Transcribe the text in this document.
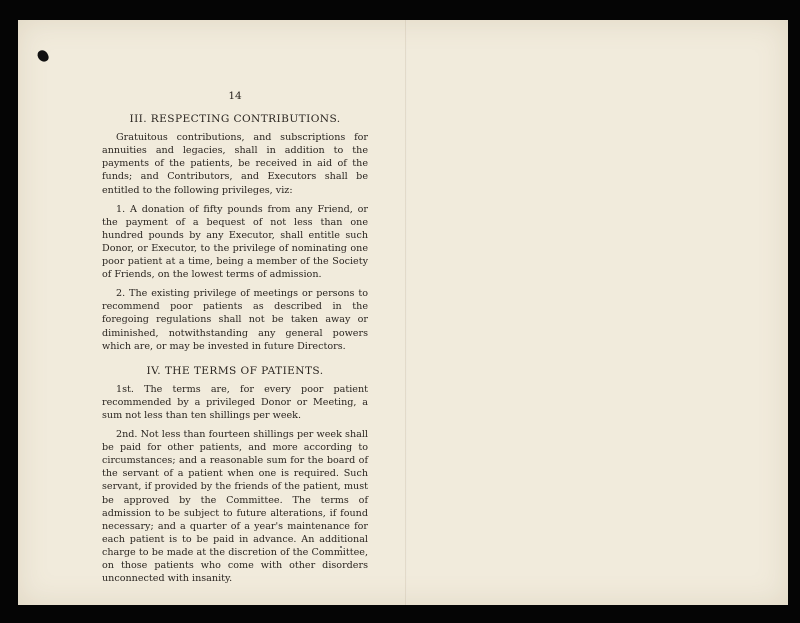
14
III. RESPECTING CONTRIBUTIONS.

Gratuitous contributions, and subscriptions for annuities and legacies, shall in addition to the payments of the patients, be received in aid of the funds; and Contributors, and Executors shall be entitled to the following privileges, viz:

1. A donation of fifty pounds from any Friend, or the payment of a bequest of not less than one hundred pounds by any Executor, shall entitle such Donor, or Executor, to the privilege of nominating one poor patient at a time, being a member of the Society of Friends, on the lowest terms of admission.

2. The existing privilege of meetings or persons to recommend poor patients as described in the foregoing regulations shall not be taken away or diminished, notwithstanding any general powers which are, or may be invested in future Directors.

IV. THE TERMS OF PATIENTS.

1st. The terms are, for every poor patient recommended by a privileged Donor or Meeting, a sum not less than ten shillings per week.

2nd. Not less than fourteen shillings per week shall be paid for other patients, and more according to circumstances; and a reasonable sum for the board of the servant of a patient when one is required. Such servant, if provided by the friends of the patient, must be approved by the Committee. The terms of admission to be subject to future alterations, if found necessary; and a quarter of a year's maintenance for each patient is to be paid in advance. An additional charge to be made at the discretion of the Committee, on those patients who come with other disorders unconnected with insanity.
